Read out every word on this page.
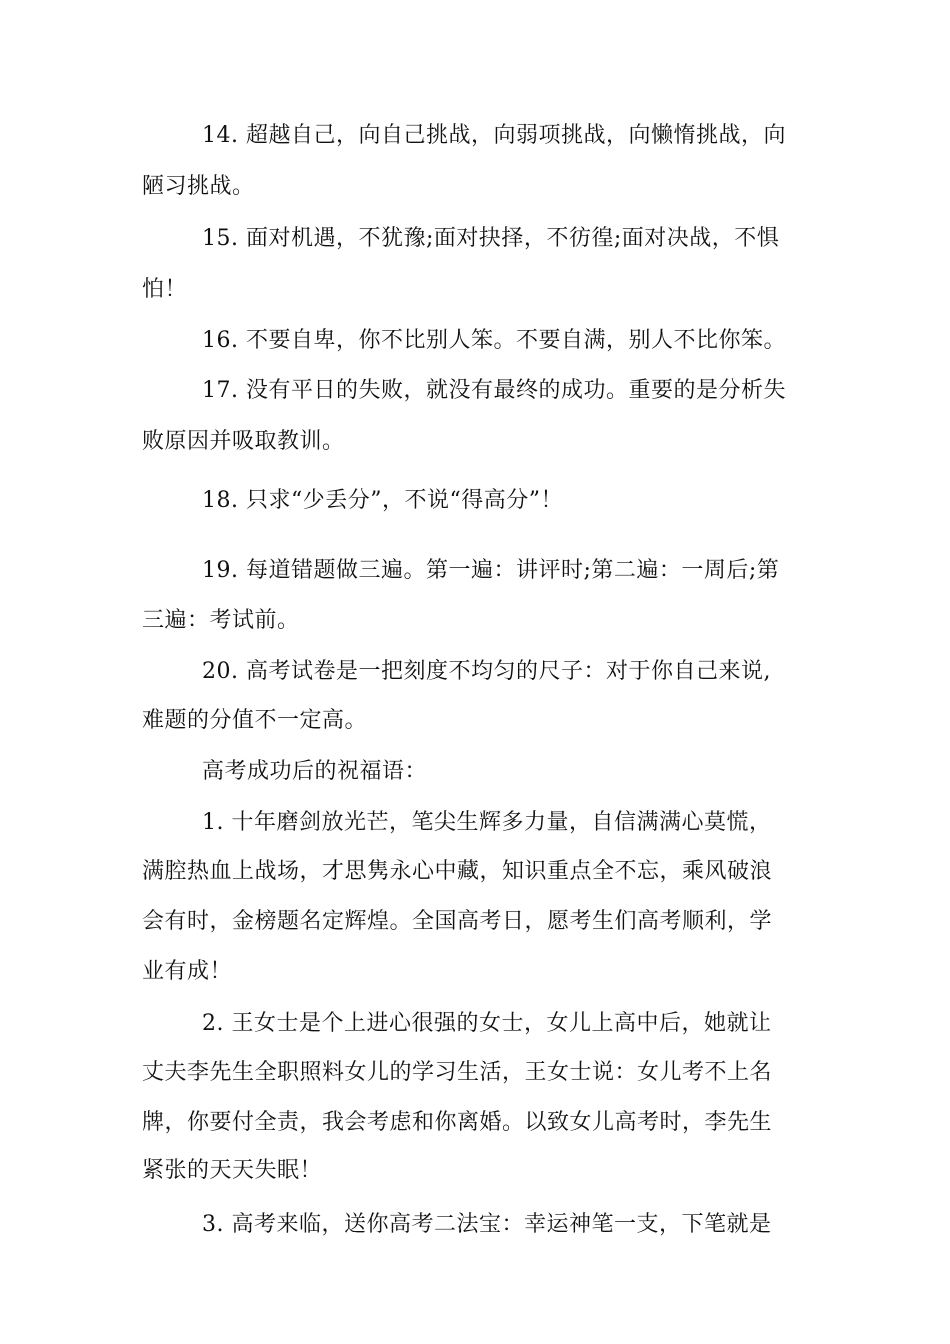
14. 超越自己，向自己挑战，向弱项挑战，向懒惰挑战，向
陋习挑战。
15. 面对机遇，不犹豫;面对抉择，不彷徨;面对决战，不惧
怕！
16. 不要自卑，你不比别人笨。不要自满，别人不比你笨。
17. 没有平日的失败，就没有最终的成功。重要的是分析失
败原因并吸取教训。
18. 只求“少丢分”，不说“得高分”！
19. 每道错题做三遍。第一遍：讲评时;第二遍：一周后;第
三遍：考试前。
20. 高考试卷是一把刻度不均匀的尺子：对于你自己来说,
难题的分值不一定高。
高考成功后的祝福语：
1. 十年磨剑放光芒，笔尖生辉多力量，自信满满心莫慌，
满腔热血上战场，才思隽永心中藏，知识重点全不忘，乘风破浪
会有时，金榜题名定辉煌。全国高考日，愿考生们高考顺利，学
业有成！
2. 王女士是个上进心很强的女士，女儿上高中后，她就让
丈夫李先生全职照料女儿的学习生活，王女士说：女儿考不上名
牌，你要付全责，我会考虑和你离婚。以致女儿高考时，李先生
紧张的天天失眠！
3. 高考来临，送你高考二法宝：幸运神笔一支，下笔就是
